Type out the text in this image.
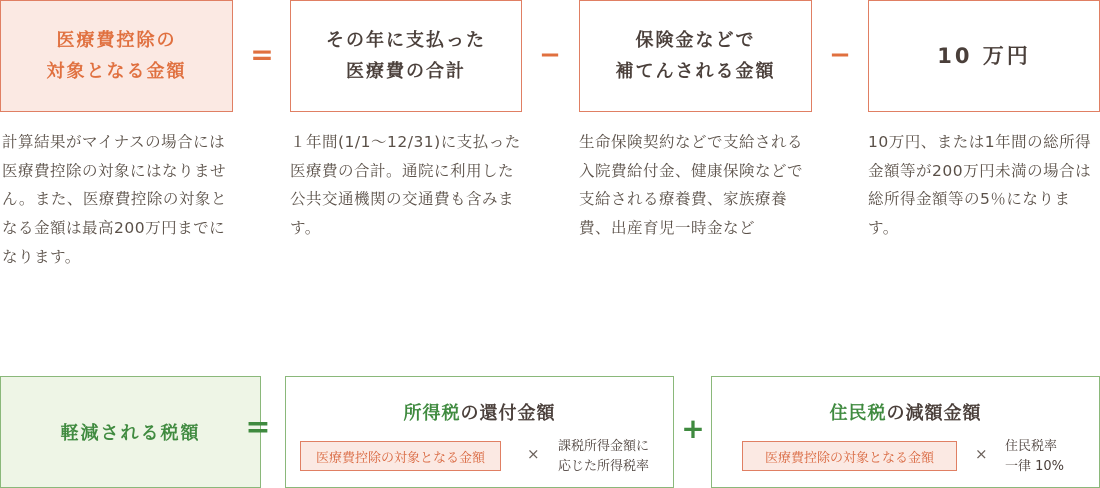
医療費控除の
対象となる金額
=	その年に支払った
医療費の合計
−	保険金などで
補てんされる金額
−	10 万円
計算結果がマイナスの場合には医療費控除の対象にはなりません。また、医療費控除の対象となる金額は最高200万円までになります。
１年間(1/1〜12/31)に支払った医療費の合計。通院に利用した公共交通機関の交通費も含みます。
生命保険契約などで支給される入院費給付金、健康保険などで支給される療養費、家族療養費、出産育児一時金など
10万円、または1年間の総所得金額等が200万円未満の場合は総所得金額等の5％になります。
軽減される税額 =	所得税の還付金額
医療費控除の対象となる金額	× 課税所得金額に
応じた所得税率
+	住民税の減額金額
医療費控除の対象となる金額	× 住民税率
一律 10%
